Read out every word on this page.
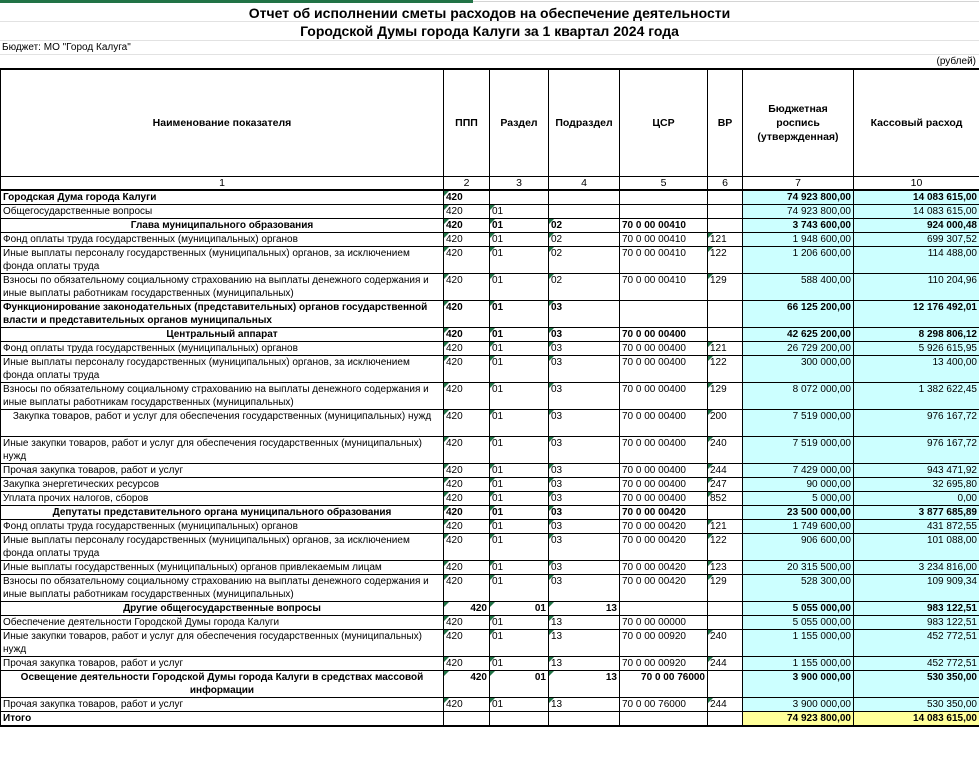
Отчет об исполнении сметы расходов на обеспечение деятельности
Городской Думы города Калуги за 1 квартал 2024 года
Бюджет: МО "Город Калуга"
(рублей)
Наименование показателя	ППП	Раздел	Подраздел	ЦСР	ВР	Бюджетная роспись (утвержденная)	Кассовый расход
1	2	3	4	5	6	7	10

Городская Дума города Калуги	420					74 923 800,00	14 083 615,00

Общегосударственные вопросы	420	01				74 923 800,00	14 083 615,00

Глава муниципального образования	420	01	02	70 0 00 00410		3 743 600,00	924 000,48

Фонд оплаты труда государственных (муниципальных) органов	420	01	02	70 0 00 00410	121	1 948 600,00	699 307,52

Иные выплаты персоналу государственных (муниципальных) органов, за исключением фонда оплаты труда	420	01	02	70 0 00 00410	122	1 206 600,00	114 488,00

Взносы по обязательному социальному страхованию на выплаты денежного содержания и иные выплаты работникам государственных (муниципальных)	420	01	02	70 0 00 00410	129	588 400,00	110 204,96

Функционирование законодательных (представительных) органов государственной власти и представительных органов муниципальных	420	01	03			66 125 200,00	12 176 492,01

Центральный аппарат	420	01	03	70 0 00 00400		42 625 200,00	8 298 806,12

Фонд оплаты труда государственных (муниципальных) органов	420	01	03	70 0 00 00400	121	26 729 200,00	5 926 615,95

Иные выплаты персоналу государственных (муниципальных) органов, за исключением фонда оплаты труда	420	01	03	70 0 00 00400	122	300 000,00	13 400,00

Взносы по обязательному социальному страхованию на выплаты денежного содержания и иные выплаты работникам государственных (муниципальных)	420	01	03	70 0 00 00400	129	8 072 000,00	1 382 622,45

Закупка товаров, работ и услуг для обеспечения государственных (муниципальных) нужд	420	01	03	70 0 00 00400	200	7 519 000,00	976 167,72

Иные закупки товаров, работ и услуг для обеспечения государственных (муниципальных) нужд	420	01	03	70 0 00 00400	240	7 519 000,00	976 167,72

Прочая закупка товаров, работ и услуг	420	01	03	70 0 00 00400	244	7 429 000,00	943 471,92

Закупка энергетических ресурсов	420	01	03	70 0 00 00400	247	90 000,00	32 695,80

Уплата прочих налогов, сборов	420	01	03	70 0 00 00400	852	5 000,00	0,00

Депутаты представительного органа муниципального образования	420	01	03	70 0 00 00420		23 500 000,00	3 877 685,89

Фонд оплаты труда государственных (муниципальных) органов	420	01	03	70 0 00 00420	121	1 749 600,00	431 872,55

Иные выплаты персоналу государственных (муниципальных) органов, за исключением фонда оплаты труда	420	01	03	70 0 00 00420	122	906 600,00	101 088,00

Иные выплаты государственных (муниципальных) органов привлекаемым лицам	420	01	03	70 0 00 00420	123	20 315 500,00	3 234 816,00

Взносы по обязательному социальному страхованию на выплаты денежного содержания и иные выплаты работникам государственных (муниципальных)	420	01	03	70 0 00 00420	129	528 300,00	109 909,34

Другие общегосударственные вопросы	420	01	13			5 055 000,00	983 122,51

Обеспечение деятельности Городской Думы города Калуги	420	01	13	70 0 00 00000		5 055 000,00	983 122,51

Иные закупки товаров, работ и услуг для обеспечения государственных (муниципальных) нужд	420	01	13	70 0 00 00920	240	1 155 000,00	452 772,51

Прочая закупка товаров, работ и услуг	420	01	13	70 0 00 00920	244	1 155 000,00	452 772,51

Освещение деятельности Городской Думы города Калуги в средствах массовой информации	420	01	13	70 0 00 76000		3 900 000,00	530 350,00

Прочая закупка товаров, работ и услуг	420	01	13	70 0 00 76000	244	3 900 000,00	530 350,00
Итого						74 923 800,00	14 083 615,00
